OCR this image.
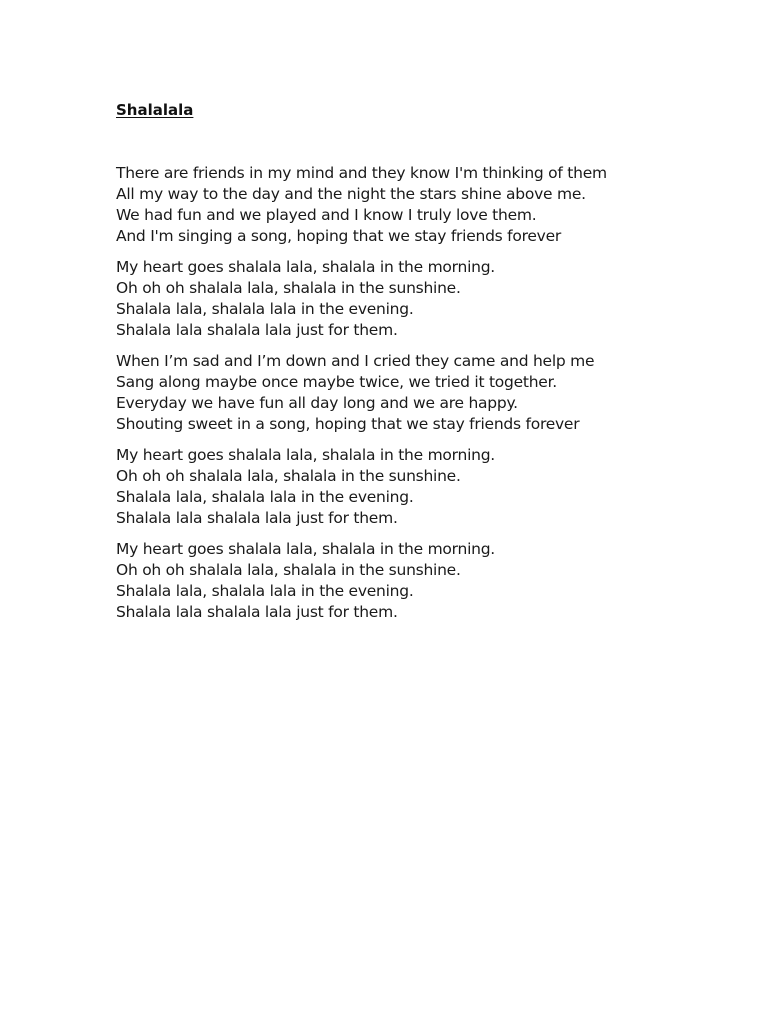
Shalalala
There are friends in my mind and they know I'm thinking of them
All my way to the day and the night the stars shine above me.
We had fun and we played and I know I truly love them.
And I'm singing a song, hoping that we stay friends forever
My heart goes shalala lala, shalala in the morning.
Oh oh oh shalala lala, shalala in the sunshine.
Shalala lala, shalala lala in the evening.
Shalala lala shalala lala just for them.
When I’m sad and I’m down and I cried they came and help me
Sang along maybe once maybe twice, we tried it together.
Everyday we have fun all day long and we are happy.
Shouting sweet in a song, hoping that we stay friends forever
My heart goes shalala lala, shalala in the morning.
Oh oh oh shalala lala, shalala in the sunshine.
Shalala lala, shalala lala in the evening.
Shalala lala shalala lala just for them.
My heart goes shalala lala, shalala in the morning.
Oh oh oh shalala lala, shalala in the sunshine.
Shalala lala, shalala lala in the evening.
Shalala lala shalala lala just for them.
